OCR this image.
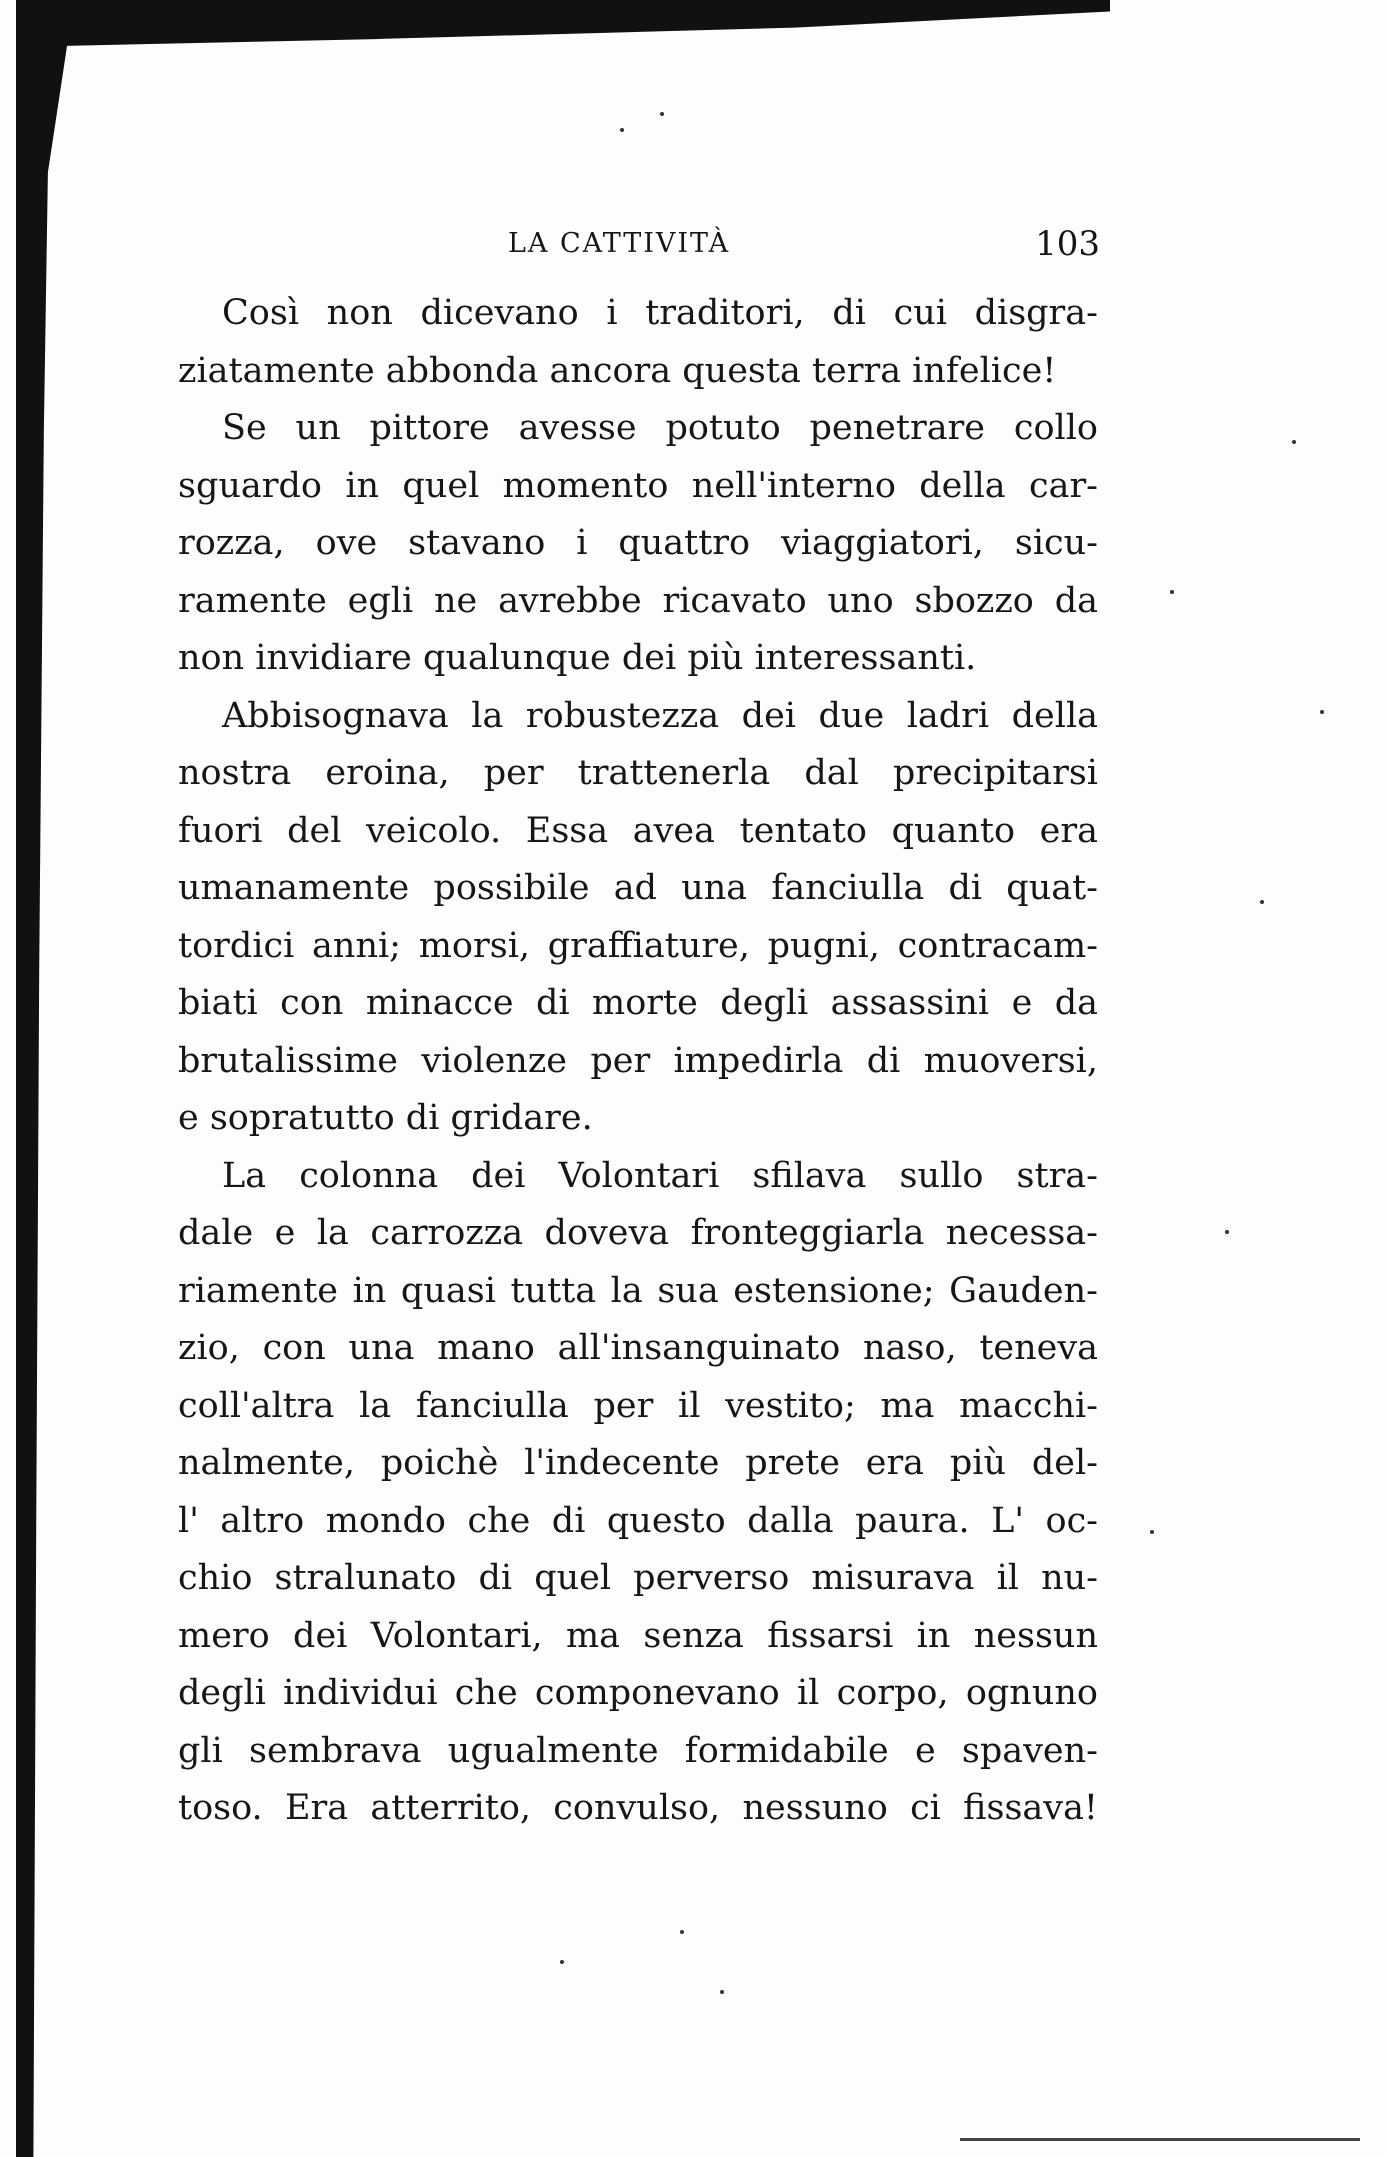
LA CATTIVITÀ	103
Così non dicevano i traditori, di cui disgra-
ziatamente abbonda ancora questa terra infelice!
Se un pittore avesse potuto penetrare collo
sguardo in quel momento nell'interno della car-
rozza, ove stavano i quattro viaggiatori, sicu-
ramente egli ne avrebbe ricavato uno sbozzo da
non invidiare qualunque dei più interessanti.
Abbisognava la robustezza dei due ladri della
nostra eroina, per trattenerla dal precipitarsi
fuori del veicolo. Essa avea tentato quanto era
umanamente possibile ad una fanciulla di quat-
tordici anni; morsi, graffiature, pugni, contracam-
biati con minacce di morte degli assassini e da
brutalissime violenze per impedirla di muoversi,
e sopratutto di gridare.
La colonna dei Volontari sfilava sullo stra-
dale e la carrozza doveva fronteggiarla necessa-
riamente in quasi tutta la sua estensione; Gauden-
zio, con una mano all'insanguinato naso, teneva
coll'altra la fanciulla per il vestito; ma macchi-
nalmente, poichè l'indecente prete era più del-
l' altro mondo che di questo dalla paura. L' oc-
chio stralunato di quel perverso misurava il nu-
mero dei Volontari, ma senza fissarsi in nessun
degli individui che componevano il corpo, ognuno
gli sembrava ugualmente formidabile e spaven-
toso. Era atterrito, convulso, nessuno ci fissava!
